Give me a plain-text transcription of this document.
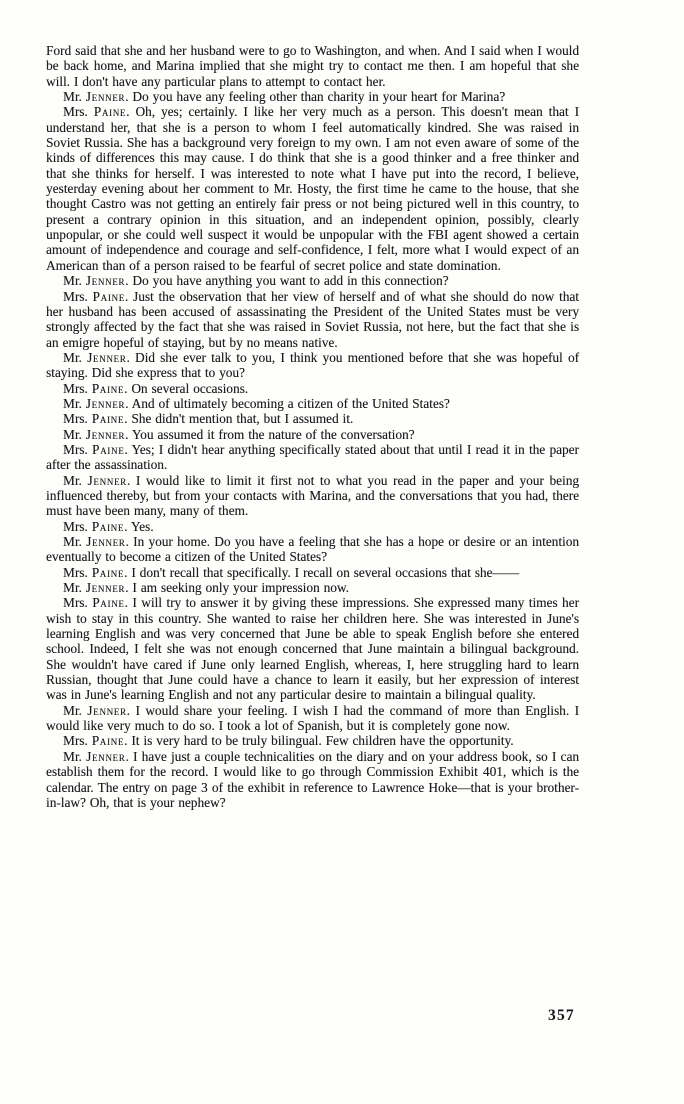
Ford said that she and her husband were to go to Washington, and when. And I said when I would be back home, and Marina implied that she might try to contact me then. I am hopeful that she will. I don't have any particular plans to attempt to contact her.

Mr. Jenner. Do you have any feeling other than charity in your heart for Marina?

Mrs. Paine. Oh, yes; certainly. I like her very much as a person. This doesn't mean that I understand her, that she is a person to whom I feel automatically kindred. She was raised in Soviet Russia. She has a background very foreign to my own. I am not even aware of some of the kinds of differences this may cause. I do think that she is a good thinker and a free thinker and that she thinks for herself. I was interested to note what I have put into the record, I believe, yesterday evening about her comment to Mr. Hosty, the first time he came to the house, that she thought Castro was not getting an entirely fair press or not being pictured well in this country, to present a contrary opinion in this situation, and an independent opinion, possibly, clearly unpopular, or she could well suspect it would be unpopular with the FBI agent showed a certain amount of independence and courage and self-confidence, I felt, more what I would expect of an American than of a person raised to be fearful of secret police and state domination.

Mr. Jenner. Do you have anything you want to add in this connection?

Mrs. Paine. Just the observation that her view of herself and of what she should do now that her husband has been accused of assassinating the President of the United States must be very strongly affected by the fact that she was raised in Soviet Russia, not here, but the fact that she is an emigre hopeful of staying, but by no means native.

Mr. Jenner. Did she ever talk to you, I think you mentioned before that she was hopeful of staying. Did she express that to you?

Mrs. Paine. On several occasions.

Mr. Jenner. And of ultimately becoming a citizen of the United States?

Mrs. Paine. She didn't mention that, but I assumed it.

Mr. Jenner. You assumed it from the nature of the conversation?

Mrs. Paine. Yes; I didn't hear anything specifically stated about that until I read it in the paper after the assassination.

Mr. Jenner. I would like to limit it first not to what you read in the paper and your being influenced thereby, but from your contacts with Marina, and the conversations that you had, there must have been many, many of them.

Mrs. Paine. Yes.

Mr. Jenner. In your home. Do you have a feeling that she has a hope or desire or an intention eventually to become a citizen of the United States?

Mrs. Paine. I don't recall that specifically. I recall on several occasions that she——

Mr. Jenner. I am seeking only your impression now.

Mrs. Paine. I will try to answer it by giving these impressions. She expressed many times her wish to stay in this country. She wanted to raise her children here. She was interested in June's learning English and was very concerned that June be able to speak English before she entered school. Indeed, I felt she was not enough concerned that June maintain a bilingual background. She wouldn't have cared if June only learned English, whereas, I, here struggling hard to learn Russian, thought that June could have a chance to learn it easily, but her expression of interest was in June's learning English and not any particular desire to maintain a bilingual quality.

Mr. Jenner. I would share your feeling. I wish I had the command of more than English. I would like very much to do so. I took a lot of Spanish, but it is completely gone now.

Mrs. Paine. It is very hard to be truly bilingual. Few children have the opportunity.

Mr. Jenner. I have just a couple technicalities on the diary and on your address book, so I can establish them for the record. I would like to go through Commission Exhibit 401, which is the calendar. The entry on page 3 of the exhibit in reference to Lawrence Hoke—that is your brother-in-law? Oh, that is your nephew?

357
